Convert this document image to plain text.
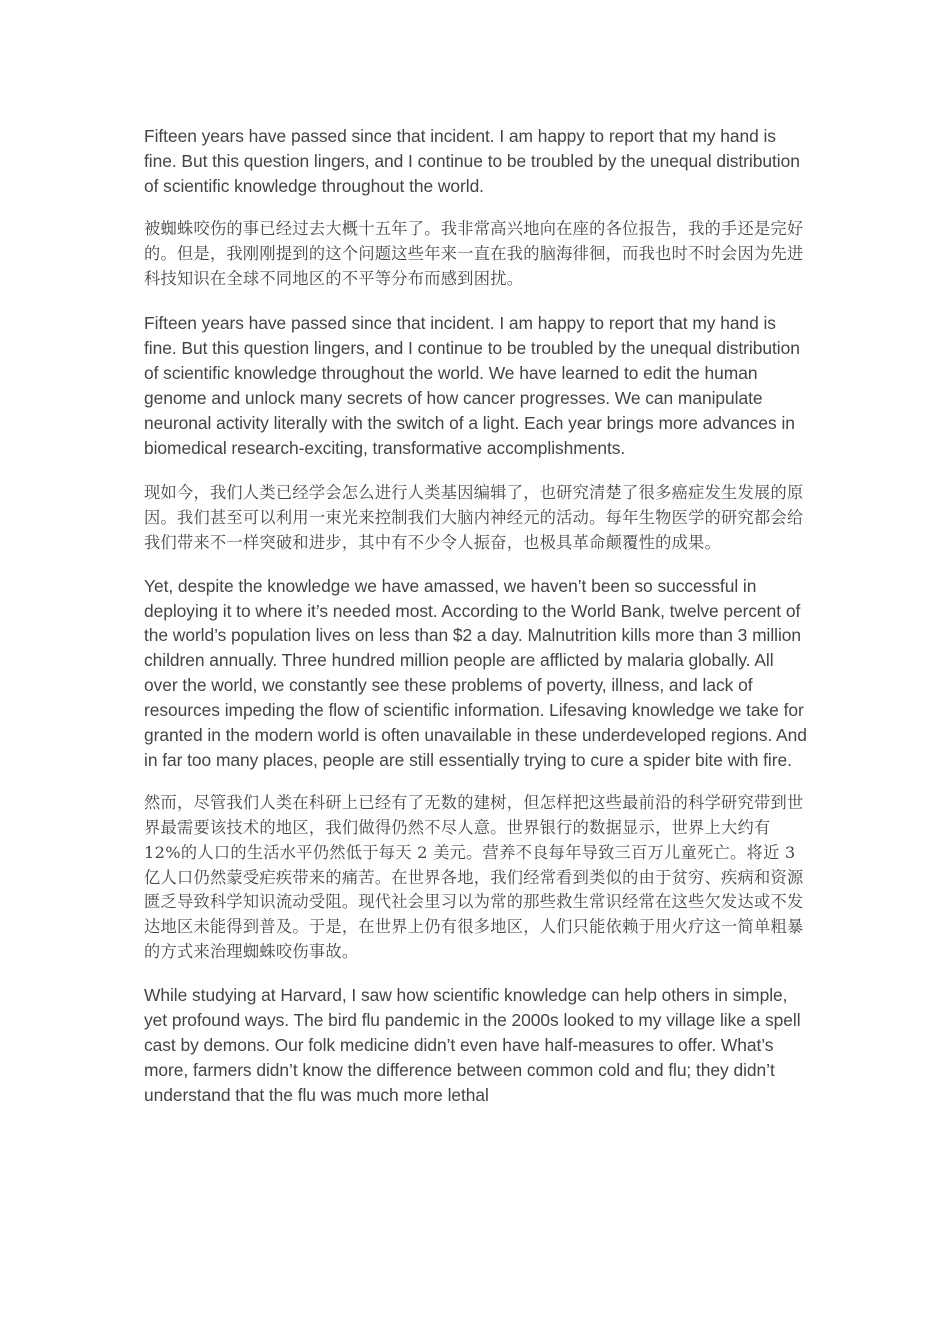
Fifteen years have passed since that incident. I am happy to report that my hand is fine. But this question lingers, and I continue to be troubled by the unequal distribution of scientific knowledge throughout the world.

被蜘蛛咬伤的事已经过去大概十五年了。我非常高兴地向在座的各位报告，我的手还是完好的。但是，我刚刚提到的这个问题这些年来一直在我的脑海徘徊，而我也时不时会因为先进科技知识在全球不同地区的不平等分布而感到困扰。

Fifteen years have passed since that incident. I am happy to report that my hand is fine. But this question lingers, and I continue to be troubled by the unequal distribution of scientific knowledge throughout the world. We have learned to edit the human genome and unlock many secrets of how cancer progresses. We can manipulate neuronal activity literally with the switch of a light. Each year brings more advances in biomedical research-exciting, transformative accomplishments.

现如今，我们人类已经学会怎么进行人类基因编辑了，也研究清楚了很多癌症发生发展的原因。我们甚至可以利用一束光来控制我们大脑内神经元的活动。每年生物医学的研究都会给我们带来不一样突破和进步，其中有不少令人振奋，也极具革命颠覆性的成果。

Yet, despite the knowledge we have amassed, we haven’t been so successful in deploying it to where it’s needed most. According to the World Bank, twelve percent of the world’s population lives on less than $2 a day. Malnutrition kills more than 3 million children annually. Three hundred million people are afflicted by malaria globally. All over the world, we constantly see these problems of poverty, illness, and lack of resources impeding the flow of scientific information. Lifesaving knowledge we take for granted in the modern world is often unavailable in these underdeveloped regions. And in far too many places, people are still essentially trying to cure a spider bite with fire.

然而，尽管我们人类在科研上已经有了无数的建树，但怎样把这些最前沿的科学研究带到世界最需要该技术的地区，我们做得仍然不尽人意。世界银行的数据显示，世界上大约有 12%的人口的生活水平仍然低于每天 2 美元。营养不良每年导致三百万儿童死亡。将近 3 亿人口仍然蒙受疟疾带来的痛苦。在世界各地，我们经常看到类似的由于贫穷、疾病和资源匮乏导致科学知识流动受阻。现代社会里习以为常的那些救生常识经常在这些欠发达或不发达地区未能得到普及。于是，在世界上仍有很多地区，人们只能依赖于用火疗这一简单粗暴的方式来治理蜘蛛咬伤事故。

While studying at Harvard, I saw how scientific knowledge can help others in simple, yet profound ways. The bird flu pandemic in the 2000s looked to my village like a spell cast by demons. Our folk medicine didn’t even have half-measures to offer. What’s more, farmers didn’t know the difference between common cold and flu; they didn’t understand that the flu was much more lethal
